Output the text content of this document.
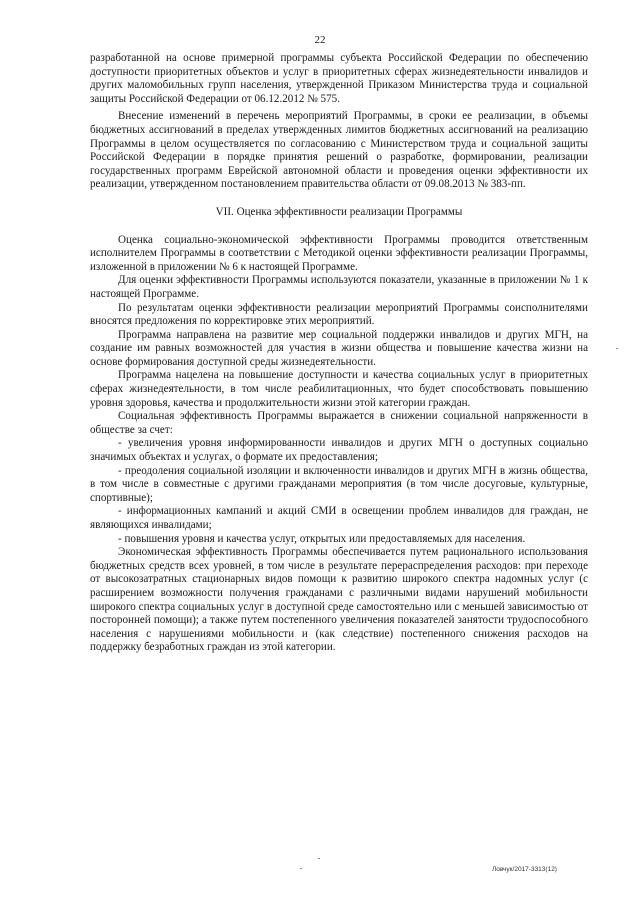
22

разработанной на основе примерной программы субъекта Российской Федерации по обеспечению доступности приоритетных объектов и услуг в приоритетных сферах жизнедеятельности инвалидов и других маломобильных групп населения, утвержденной Приказом Министерства труда и социальной защиты Российской Федерации от 06.12.2012 № 575.

Внесение изменений в перечень мероприятий Программы, в сроки ее реализации, в объемы бюджетных ассигнований в пределах утвержденных лимитов бюджетных ассигнований на реализацию Программы в целом осуществляется по согласованию с Министерством труда и социальной защиты Российской Федерации в порядке принятия решений о разработке, формировании, реализации государственных программ Еврейской автономной области и проведения оценки эффективности их реализации, утвержденном постановлением правительства области от 09.08.2013 № 383-пп.

VII. Оценка эффективности реализации Программы

Оценка социально-экономической эффективности Программы проводится ответственным исполнителем Программы в соответствии с Методикой оценки эффективности реализации Программы, изложенной в приложении № 6 к настоящей Программе.

Для оценки эффективности Программы используются показатели, указанные в приложении № 1 к настоящей Программе.

По результатам оценки эффективности реализации мероприятий Программы соисполнителями вносятся предложения по корректировке этих мероприятий.

Программа направлена на развитие мер социальной поддержки инвалидов и других МГН, на создание им равных возможностей для участия в жизни общества и повышение качества жизни на основе формирования доступной среды жизнедеятельности.

Программа нацелена на повышение доступности и качества социальных услуг в приоритетных сферах жизнедеятельности, в том числе реабилитационных, что будет способствовать повышению уровня здоровья, качества и продолжительности жизни этой категории граждан.

Социальная эффективность Программы выражается в снижении социальной напряженности в обществе за счет:

- увеличения уровня информированности инвалидов и других МГН о доступных социально значимых объектах и услугах, о формате их предоставления;

- преодоления социальной изоляции и включенности инвалидов и других МГН в жизнь общества, в том числе в совместные с другими гражданами мероприятия (в том числе досуговые, культурные, спортивные);

- информационных кампаний и акций СМИ в освещении проблем инвалидов для граждан, не являющихся инвалидами;

- повышения уровня и качества услуг, открытых или предоставляемых для населения.

Экономическая эффективность Программы обеспечивается путем рационального использования бюджетных средств всех уровней, в том числе в результате перераспределения расходов: при переходе от высокозатратных стационарных видов помощи к развитию широкого спектра надомных услуг (с расширением возможности получения гражданами с различными видами нарушений мобильности широкого спектра социальных услуг в доступной среде самостоятельно или с меньшей зависимостью от посторонней помощи); а также путем постепенного увеличения показателей занятости трудоспособного населения с нарушениями мобильности и (как следствие) постепенного снижения расходов на поддержку безработных граждан из этой категории.

Ловчук/2017-3313(12)
